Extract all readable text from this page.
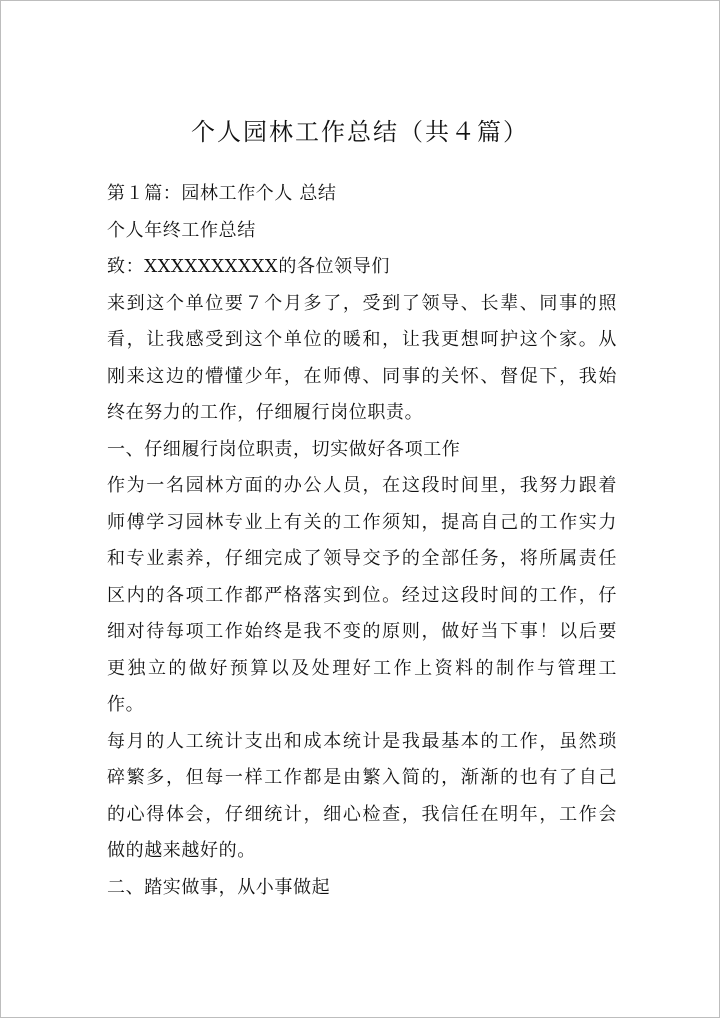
个人园林工作总结（共４篇）
第１篇：园林工作个人 总结
个人年终工作总结
致：XXXXXXXXXX的各位领导们
来到这个单位要７个月多了，受到了领导、长辈、同事的照
看，让我感受到这个单位的暖和，让我更想呵护这个家。从
刚来这边的懵懂少年，在师傅、同事的关怀、督促下，我始
终在努力的工作，仔细履行岗位职责。
一、仔细履行岗位职责，切实做好各项工作
作为一名园林方面的办公人员，在这段时间里，我努力跟着
师傅学习园林专业上有关的工作须知，提高自己的工作实力
和专业素养，仔细完成了领导交予的全部任务，将所属责任
区内的各项工作都严格落实到位。经过这段时间的工作，仔
细对待每项工作始终是我不变的原则，做好当下事！以后要
更独立的做好预算以及处理好工作上资料的制作与管理工
作。
每月的人工统计支出和成本统计是我最基本的工作，虽然琐
碎繁多，但每一样工作都是由繁入简的，渐渐的也有了自己
的心得体会，仔细统计，细心检查，我信任在明年，工作会
做的越来越好的。
二、踏实做事，从小事做起
